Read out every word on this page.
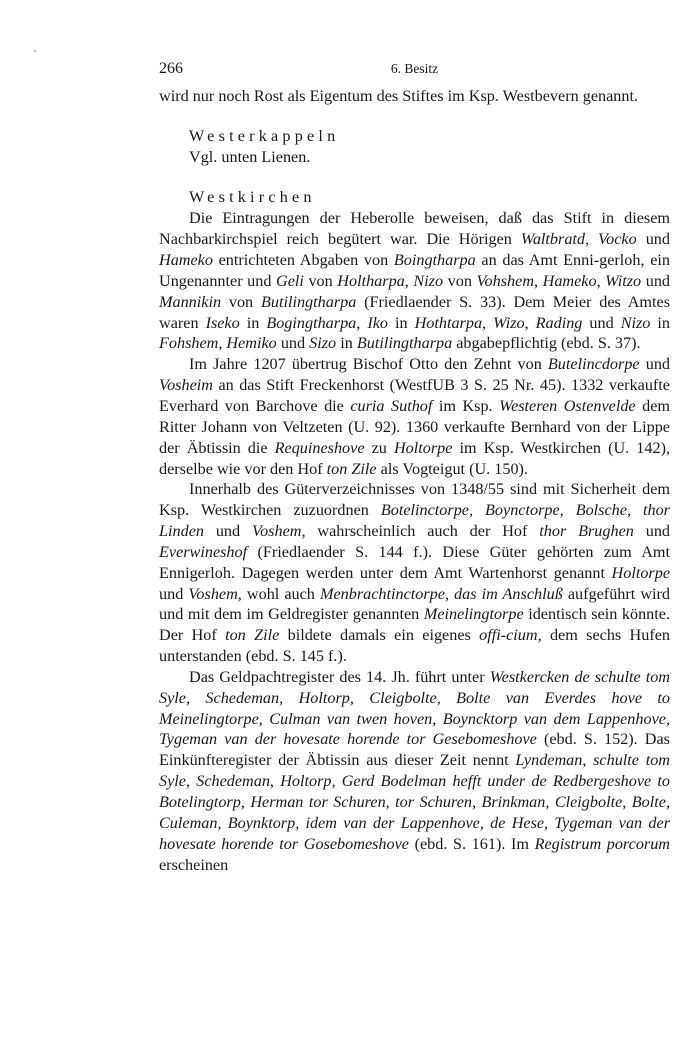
266	6. Besitz

wird nur noch Rost als Eigentum des Stiftes im Ksp. Westbevern genannt.

Westerkappeln

Vgl. unten Lienen.

Westkirchen

Die Eintragungen der Heberolle beweisen, daß das Stift in diesem Nachbarkirchspiel reich begütert war. Die Hörigen Waltbratd, Vocko und Hameko entrichteten Abgaben von Boingtharpa an das Amt Enni-gerloh, ein Ungenannter und Geli von Holtharpa, Nizo von Vohshem, Hameko, Witzo und Mannikin von Butilingtharpa (Friedlaender S. 33). Dem Meier des Amtes waren Iseko in Bogingtharpa, Iko in Hothtarpa, Wizo, Rading und Nizo in Fohshem, Hemiko und Sizo in Butilingtharpa abgabepflichtig (ebd. S. 37).

Im Jahre 1207 übertrug Bischof Otto den Zehnt von Butelincdorpe und Vosheim an das Stift Freckenhorst (WestfUB 3 S. 25 Nr. 45). 1332 verkaufte Everhard von Barchove die curia Suthof im Ksp. Westeren Ostenvelde dem Ritter Johann von Veltzeten (U. 92). 1360 verkaufte Bernhard von der Lippe der Äbtissin die Requineshove zu Holtorpe im Ksp. Westkirchen (U. 142), derselbe wie vor den Hof ton Zile als Vogteigut (U. 150).

Innerhalb des Güterverzeichnisses von 1348/55 sind mit Sicherheit dem Ksp. Westkirchen zuzuordnen Botelinctorpe, Boynctorpe, Bolsche, thor Linden und Voshem, wahrscheinlich auch der Hof thor Brughen und Everwineshof (Friedlaender S. 144 f.). Diese Güter gehörten zum Amt Ennigerloh. Dagegen werden unter dem Amt Wartenhorst genannt Holtorpe und Voshem, wohl auch Menbrachtinctorpe, das im Anschluß aufgeführt wird und mit dem im Geldregister genannten Meinelingtorpe identisch sein könnte. Der Hof ton Zile bildete damals ein eigenes offi-cium, dem sechs Hufen unterstanden (ebd. S. 145 f.).

Das Geldpachtregister des 14. Jh. führt unter Westkercken de schulte tom Syle, Schedeman, Holtorp, Cleigbolte, Bolte van Everdes hove to Meinelingtorpe, Culman van twen hoven, Boyncktorp van dem Lappenhove, Tygeman van der hovesate horende tor Gesebomeshove (ebd. S. 152). Das Einkünfteregister der Äbtissin aus dieser Zeit nennt Lyndeman, schulte tom Syle, Schedeman, Holtorp, Gerd Bodelman hefft under de Redbergeshove to Botelingtorp, Herman tor Schuren, tor Schuren, Brinkman, Cleigbolte, Bolte, Culeman, Boynktorp, idem van der Lappenhove, de Hese, Tygeman van der hovesate horende tor Gosebomeshove (ebd. S. 161). Im Registrum porcorum erscheinen
